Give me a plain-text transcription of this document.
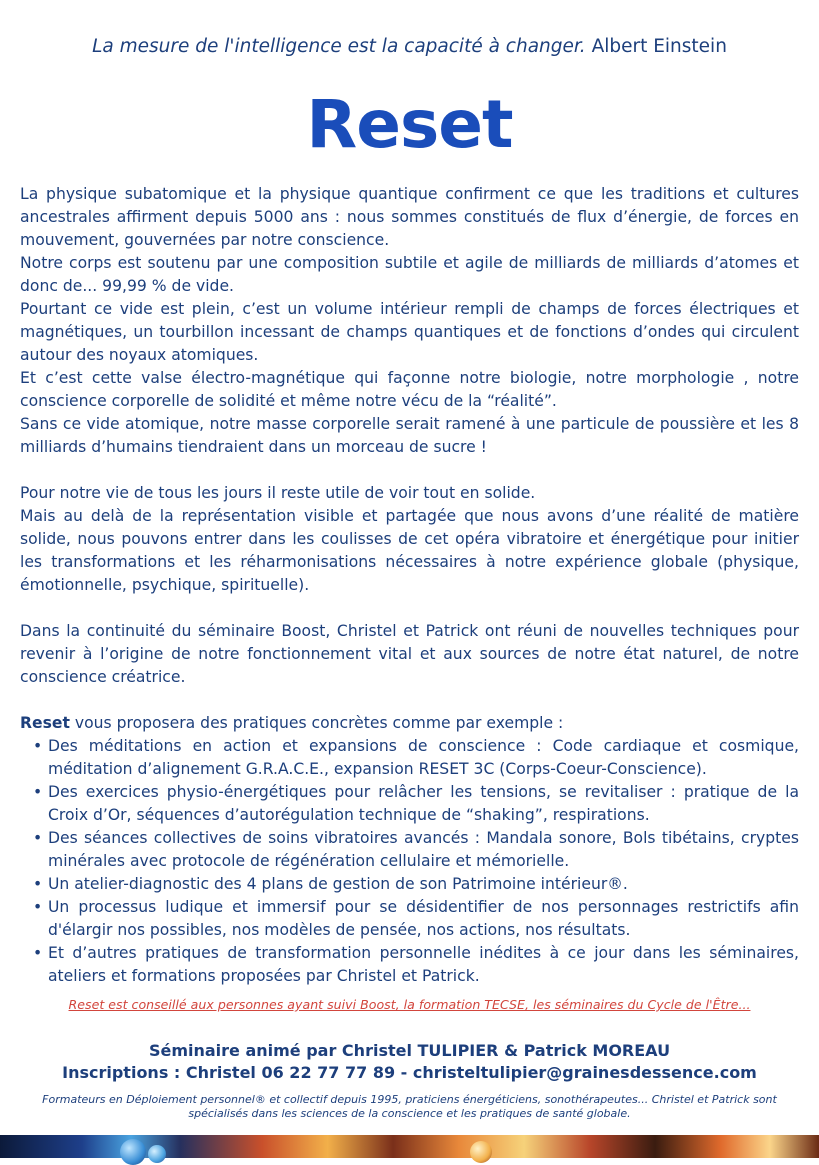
La mesure de l'intelligence est la capacité à changer. Albert Einstein
Reset

La physique subatomique et la physique quantique confirment ce que les traditions et cultures ancestrales affirment depuis 5000 ans : nous sommes constitués de flux d’énergie, de forces en mouvement, gouvernées par notre conscience.

Notre corps est soutenu par une composition subtile et agile de milliards de milliards d’atomes et donc de... 99,99 % de vide.

Pourtant ce vide est plein, c’est un volume intérieur rempli de champs de forces électriques et magnétiques, un tourbillon incessant de champs quantiques et de fonctions d’ondes qui circulent autour des noyaux atomiques.

Et c’est cette valse électro-magnétique qui façonne notre biologie, notre morphologie , notre conscience corporelle de solidité et même notre vécu de la “réalité”.

Sans ce vide atomique, notre masse corporelle serait ramené à une particule de poussière et les 8 milliards d’humains tiendraient dans un morceau de sucre !

Pour notre vie de tous les jours il reste utile de voir tout en solide.

Mais au delà de la représentation visible et partagée que nous avons d’une réalité de matière solide, nous pouvons entrer dans les coulisses de cet opéra vibratoire et énergétique pour initier les transformations et les réharmonisations nécessaires à notre expérience globale (physique, émotionnelle, psychique, spirituelle).

Dans la continuité du séminaire Boost, Christel et Patrick ont réuni de nouvelles techniques pour revenir à l’origine de notre fonctionnement vital et aux sources de notre état naturel, de notre conscience créatrice.

Reset vous proposera des pratiques concrètes comme par exemple :

• Des méditations en action et expansions de conscience : Code cardiaque et cosmique, méditation d’alignement G.R.A.C.E., expansion RESET 3C (Corps-Coeur-Conscience).
• Des exercices physio-énergétiques pour relâcher les tensions, se revitaliser : pratique de la Croix d’Or, séquences d’autorégulation technique de “shaking”, respirations.
• Des séances collectives de soins vibratoires avancés : Mandala sonore, Bols tibétains, cryptes minérales avec protocole de régénération cellulaire et mémorielle.
• Un atelier-diagnostic des 4 plans de gestion de son Patrimoine intérieur®.
• Un processus ludique et immersif pour se désidentifier de nos personnages restrictifs afin d'élargir nos possibles, nos modèles de pensée, nos actions, nos résultats.
• Et d’autres pratiques de transformation personnelle inédites à ce jour dans les séminaires, ateliers et formations proposées par Christel et Patrick.
Reset est conseillé aux personnes ayant suivi Boost, la formation TECSE, les séminaires du Cycle de l'Être...
Séminaire animé par Christel TULIPIER & Patrick MOREAU
Inscriptions : Christel 06 22 77 77 89 - christeltulipier@grainesdessence.com
Formateurs en Déploiement personnel® et collectif depuis 1995, praticiens énergéticiens, sonothérapeutes... Christel et Patrick sont spécialisés dans les sciences de la conscience et les pratiques de santé globale.
